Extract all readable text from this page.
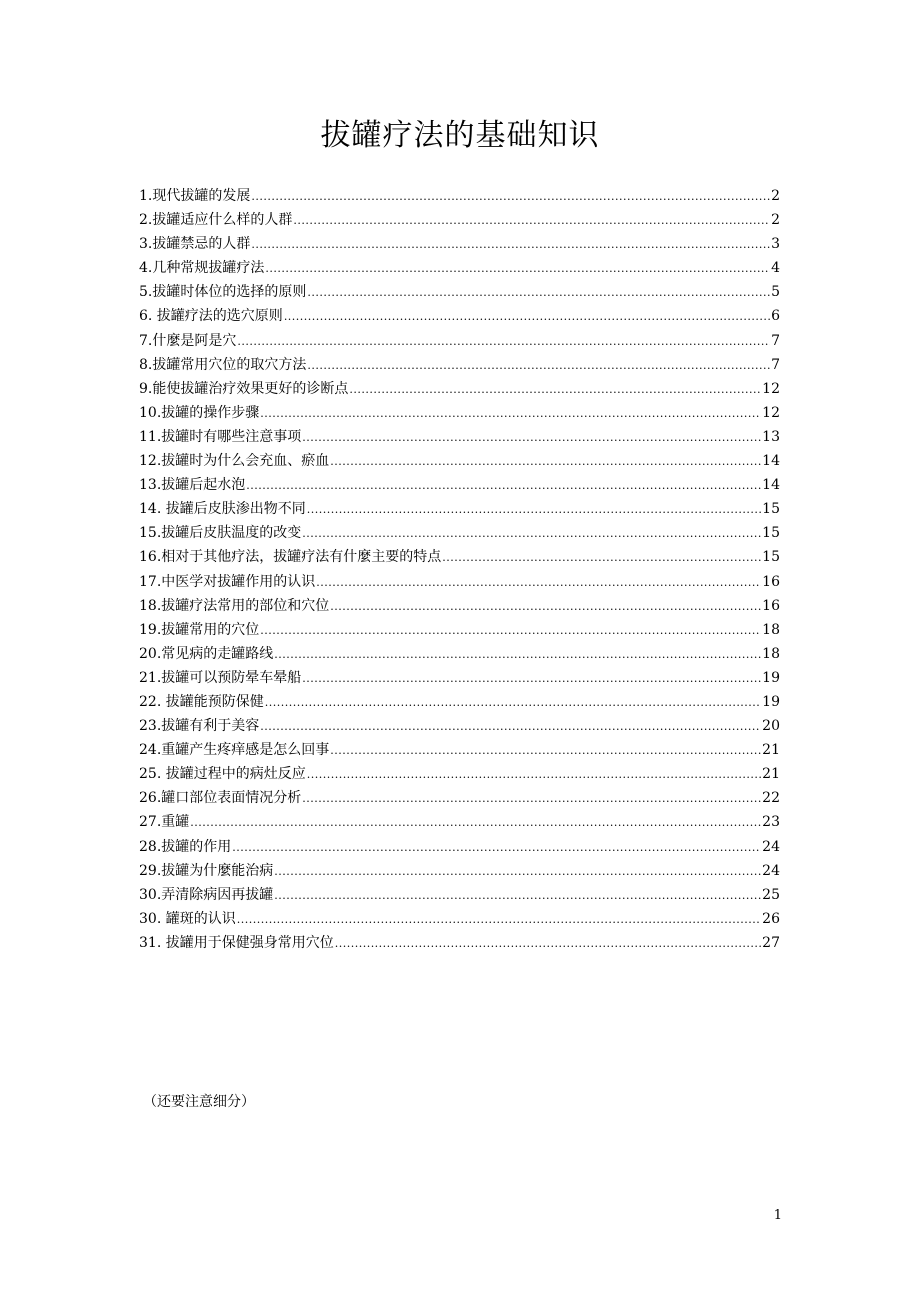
拔罐疗法的基础知识
1.现代拔罐的发展 .....	2
2.拔罐适应什么样的人群 .....	2
3.拔罐禁忌的人群 .....	3
4.几种常规拔罐疗法 .....	4
5.拔罐时体位的选择的原则 .....	5
6. 拔罐疗法的选穴原则 .....	6
7.什麼是阿是穴 .....	7
8.拔罐常用穴位的取穴方法 .....	7
9.能使拔罐治疗效果更好的诊断点 .....	12
10.拔罐的操作步骤 .....	12
11.拔罐时有哪些注意事项 .....	13
12.拔罐时为什么会充血、瘀血 .....	14
13.拔罐后起水泡 .....	14
14. 拔罐后皮肤渗出物不同 .....	15
15.拔罐后皮肤温度的改变 .....	15
16.相对于其他疗法，拔罐疗法有什麼主要的特点 .....	15
17.中医学对拔罐作用的认识 .....	16
18.拔罐疗法常用的部位和穴位 .....	16
19.拔罐常用的穴位 .....	18
20.常见病的走罐路线 .....	18
21.拔罐可以预防晕车晕船 .....	19
22. 拔罐能预防保健 .....	19
23.拔罐有利于美容 .....	20
24.重罐产生疼痒感是怎么回事 .....	21
25. 拔罐过程中的病灶反应 .....	21
26.罐口部位表面情况分析 .....	22
27.重罐 .....	23
28.拔罐的作用 .....	24
29.拔罐为什麼能治病 .....	24
30.弄清除病因再拔罐 .....	25
30. 罐斑的认识 .....	26
31. 拔罐用于保健强身常用穴位 .....	27
（还要注意细分）
1
